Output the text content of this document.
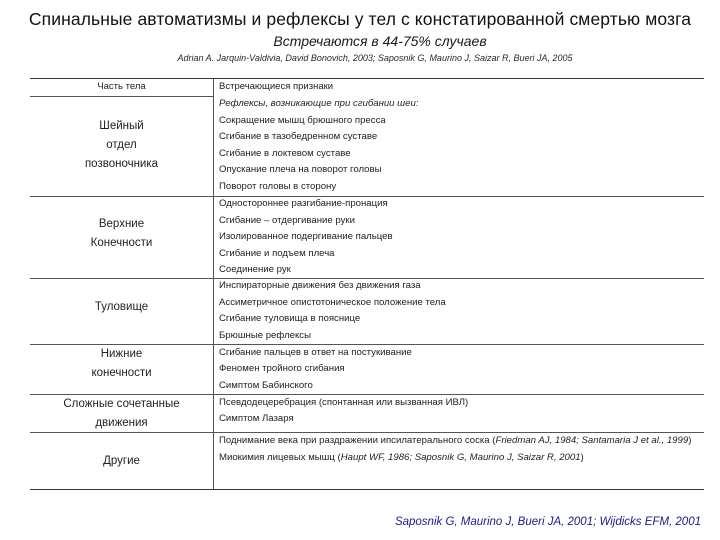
Спинальные автоматизмы и рефлексы у тел с констатированной смертью мозга
Встречаются в 44-75% случаев
Adrian A. Jarquin-Valdivia, David Bonovich, 2003; Saposnik G, Maurino J, Saizar R, Bueri JA, 2005
Часть тела	Встречающиеся признаки
Шейный
отдел
позвоночника
Рефлексы, возникающие при сгибании шеи:
Сокращение мышц брюшного пресса
Сгибание в тазобедренном суставе
Сгибание в локтевом суставе
Опускание плеча на поворот головы
Поворот головы в сторону
Верхние
Конечности
Одностороннее разгибание-пронация
Сгибание – отдергивание руки
Изолированное подергивание пальцев
Сгибание и подъем плеча
Соединение рук
Туловище
Инспираторные движения без движения газа
Ассиметричное опистотоническое положение тела
Сгибание туловища в пояснице
Брюшные рефлексы
Нижние
конечности
Сгибание пальцев в ответ на постукивание
Феномен тройного сгибания
Симптом Бабинского
Сложные сочетанные
движения
Псевдодецеребрация (спонтанная или вызванная ИВЛ)
Симптом Лазаря
Другие
Поднимание века при раздражении ипсилатерального соска (Friedman AJ, 1984; Santamaria J et al., 1999)
Миокимия лицевых мышц (Haupt WF, 1986; Saposnik G, Maurino J, Saizar R, 2001)
Saposnik G, Maurino J, Bueri JA, 2001; Wijdicks EFM, 2001
